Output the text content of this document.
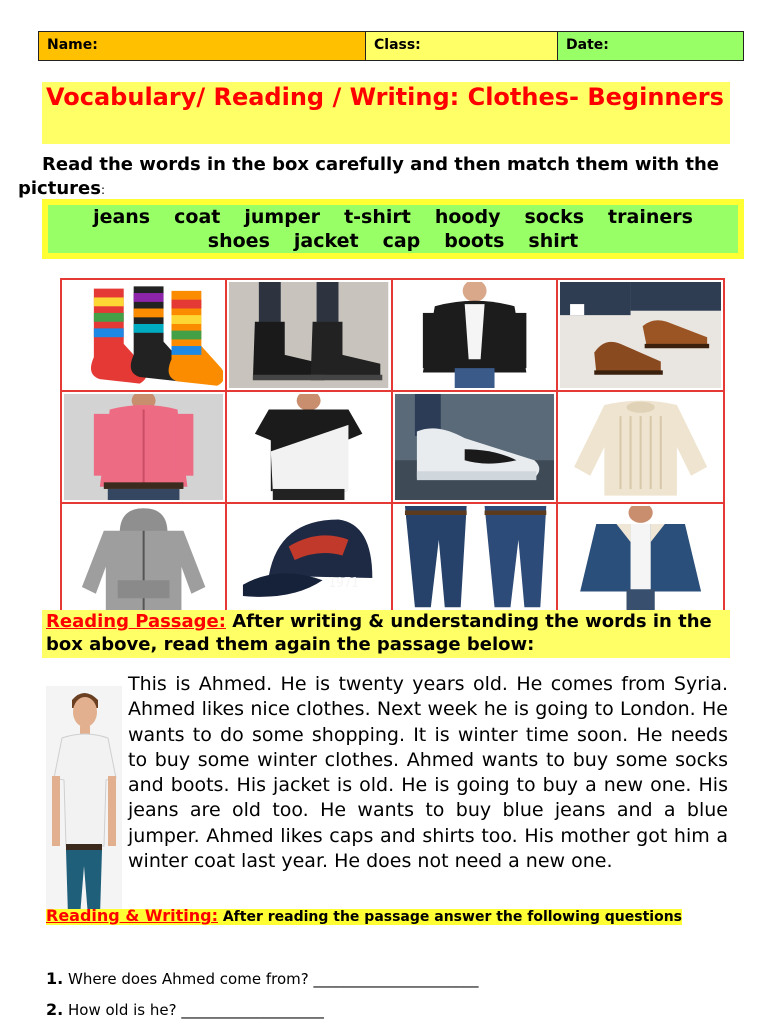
Name:	Class:	Date:
Vocabulary/ Reading / Writing: Clothes- Beginners
Read the words in the box carefully and then match them with the pictures:
jeans coat jumper t-shirt hoody socks trainers
shoes jacket cap boots shirt
1971
Reading Passage: After writing & understanding the words in the box above, read them again the passage below:
This is Ahmed. He is twenty years old. He comes from Syria. Ahmed likes nice clothes. Next week he is going to London. He wants to do some shopping. It is winter time soon. He needs to buy some winter clothes. Ahmed wants to buy some socks and boots. His jacket is old. He is going to buy a new one. His jeans are old too. He wants to buy blue jeans and a blue jumper. Ahmed likes caps and shirts too. His mother got him a winter coat last year. He does not need a new one.
Reading & Writing: After reading the passage answer the following questions
1. Where does Ahmed come from? ______________________
2. How old is he? ___________________
